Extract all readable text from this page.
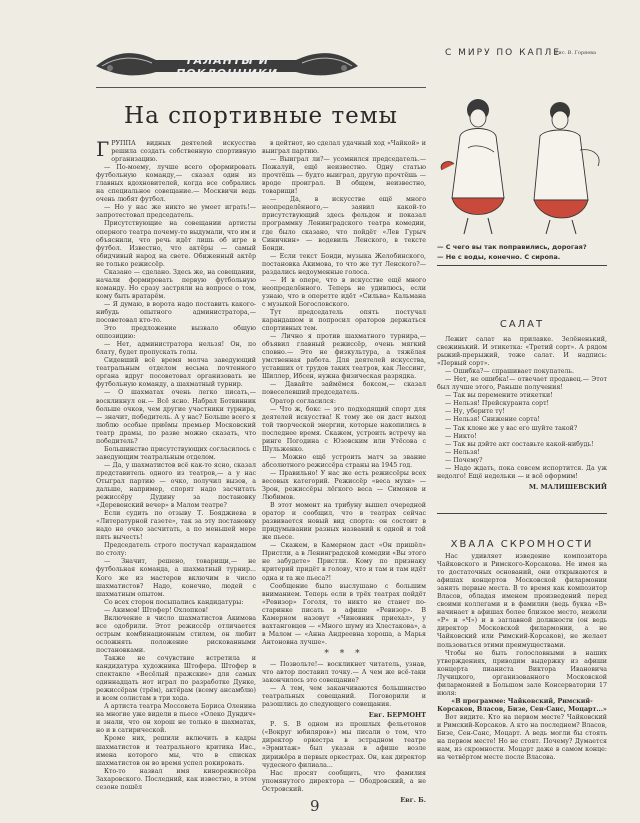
ТАЛАНТЫ И ПОКЛОННИКИ
На спортивные темы
Г РУППА видных деятелей искусства решила создать собственную спортивную организацию.

— По-моему, лучше всего сформировать футбольную команду,— сказал один из главных вдохновителей, когда все собрались на специальное совещание.— Москвичи ведь очень любят футбол.

— Но у нас же никто не умеет играть!— запротестовал председатель.

Присутствующие на совещании артисты оперного театра почему-то выдумали, что им и объяснили, что речь идёт лишь об игре в футбол. Известно, что актёры — самый обидчивый народ на свете. Обиженный актёр не только режиссёр.

Сказано — сделано. Здесь же, на совещании, начали формировать первую футбольную команду. Но сразу застряли на вопросе о том, кому быть вратарём.

— Я думаю, в ворота надо поставить какого-нибудь опытного администратора,— посоветовал кто-то.

Это предложение вызвало общую оппозицию:

— Нет, администратора нельзя! Он, по блату, будет пропускать голы.

Сидевший всё время молча заведующий театральным отделом весьма почтенного органа вдруг посоветовал организовать не футбольную команду, а шахматный турнир.

— О шахматах очень легко писать,— воскликнул он.— Всё ясно. Набрал Ботвинник больше очков, чем другие участники турнира,— значит, победитель. А у нас? Больше всего я люблю особые приёмы премьер Московский театр драмы, по разве можно сказать, что победитель?

Большинство присутствующих согласилось с заведующим театральным отделом.

— Да, у шахматистов всё как-то ясно, сказал представитель одного из театров,— а у нас Отыграл партию — очко, получил вызов, а дальше, например, спорят надо засчитать режиссёру Дудину за постановку «Деревенский вечер» в Малом театре?

Если судить по отзыву Т. Бояджиева в «Литературной газете», так за эту постановку надо не очко засчитать, а по меньшей мере пять вычесть!

Председатель строго постучал карандашом по столу:

— Значит, решено, товарищи,— не футбольная команда, а шахматный турнир... Кого же из мастеров включим в число шахматистов? Надо, конечно, людей с шахматным опытом.

Со всех сторон посыпались кандидатуры:

— Акимов! Штофер! Охлопков!

Включение в число шахматистов Акимова все одобрили. Этот режиссёр отличается острым комбинационным стилем, он любит осложнять положение рискованными постановками.

Также не сочувствие встретила и кандидатура художника Штофера. Штофер в спектакле «Весёлый пражские» для самых одиннадцать нот играл по разработке Дунке, режиссёрам (трём), актёрам (всему ансамблю) и всем солистам в три хода.

А артиста театра Моссовета Бориса Оленина на многие уже видели в пьесе «Олеко Дундич» и знали, что он хорош не только в шахматах, но и в сатирической.

Кроме них, решили включить в кадры шахматистов и театрального критика Ивс., имена которого мы, что в списках шахматистов он во время успел рокировать.

Кто-то назвал имя кинорежиссёра Захаровского. Последний, как известно, в этом сезоне пошёл

в цейтнот, но сделал удачный ход «Чайкой» и выиграл партию.

— Выиграл ли?— усомнился председатель.— Пожалуй, ещё неизвестно. Одну статью прочтёшь — будто выиграл, другую прочтёшь — вроде проиграл. В общем, неизвестно, товарищи!

— Да, в искусстве ещё много неопределённого,— заявил какой-то присутствующий здесь фельдон и показал программку Ленинградского театра комедии, где было сказано, что пойдёт «Лев Гурыч Синичкин» — водевиль Ленского, в тексте Бонди.

— Если текст Бонди, музыка Желобинского, постановка Акимова, то что же тут Ленского?— раздались недоуменные голоса.

— И в опере, что в искусстве ещё много неопределённого. Теперь не удивлюсь, если узнаю, что в оперетте идёт «Сильва» Кальмана с музыкой Богословского.

Тут председатель опять постучал карандашом и попросил ораторов держаться спортивных тем.

— Лично я против шахматного турнира,— объявил главный режиссёр, очень мягкий словно.— Это не физкультура, а тяжёлая умственная работа. Для деятелей искусства, уставших от трудов таких театров, как Лессинг, Шиллер, Ибсен, нужна физическая разрядка.

— Давайте займёмся боксом,— сказал повеселевший председатель.

Оратор согласился:

— Что ж, бокс — это подходящий спорт для деятелей искусства! К тому же он даст выход той творческой энергии, которые накопились в последнее время. Скажем, устроить встречу на ринге Погодина с Юзовским или Утёсова с Шульженко.

— Можно ещё устроить матч за звание абсолютного режиссёра страны на 1945 год.

— Правильно! У нас же есть режиссёры всех весовых категорий. Режиссёр «веса мухи» — Зрон, режиссёры лёгкого веса — Симонов и Любимов.

В этот момент на трибуну вышел очередной оратор и сообщил, что в театрах сейчас развивается новый вид спорта: он состоит в придумывании разных названий к одной и той же пьесе.

— Скажем, в Камерном даст «Он пришёл» Пристли, а в Ленинградской комедии «Вы этого не забудете» Пристли. Кому по признаку критерий придёт в голову, что и там и там идёт одна и та же пьеса?!

Сообщение было выслушано с большим вниманием. Теперь если в трёх театрах пойдёт «Ревизор» Гоголя, то никто не станет по-старинке писать в афише «Ревизор». В Камерном назовут «Чиновник приехал», у вахтанговцев — «Много шуму из Хлестакова», а в Малом — «Анна Андреевна хороша, а Марья Антоновна лучше».

* * *

— Позвольте!— воскликнет читатель, узнав, что автор поставил точку.— А чем же всё-таки закончилось это совещание?

— А тем, чем заканчиваются большинство театральных совещаний. Поговорили и разошлись до следующего совещания.

Евг. БЕРМОНТ

Р. S. В одном из прошлых фельетонов («Вокруг юбиляров») мы писали о том, что директор оркестра в эстрадном театре «Эрмитаж» был указан в афише возле дирижёра в первых оркестрах. Он, как директор чудесного филиала...

Нас просят сообщить, что фамилия упомянутого директора — Ободровский, а не Островский.

Евг. Б.
С МИРУ ПО КАПЛЕ
Рис. В. Горяева
— С чего вы так поправились, дорогая?
— Не с воды, конечно. С сиропа.
САЛАТ

Лежит салат на прилавке. Зелёненький, свежинький. И этикетка: «Третий сорт». А рядом рыжий-прерыжий, тоже салат. И надпись: «Первый сорт».

— Ошибка?— спрашивает покупатель.

— Нет, не ошибка!— отвечает продавец.— Этот был лучше этого, Раньше получения!

— Так вы перемените этикетки!

— Нельзя! Прейскуранта сорт!

— Ну, уберите ту!

— Нельзя! Снижение сорта!

— Так клоне же у вас его шуйте такой?

— Никто!

— Так вы дэйте акт составьте какой-нибудь!

— Нельзя!

— Почему?

— Надо ждать, пока совсем испортится. Да уж недолго! Ещё недельки — и всё оформим!

М. МАЛИШЕВСКИЙ
ХВАЛА СКРОМНОСТИ

Нас удивляет изведение композитора Чайковского и Римского-Корсакова. Не имея на то достаточных оснований, они открываются в афишах концертов Московской филармонии занять первые места. В то время как композитор Власов, обладая именем произведений перед своими коллегами и в фамилии (ведь буква «В» начинает в афишах более близкое место, нежели «Р» и «Ч») и в заглавной должности (он ведь директор Московской филармонии, а не Чайковский или Римский-Корсаков), не желает пользоваться этими преимуществами.

Чтобы не быть голословными в наших утверждениях, приводим выдержку из афиши концерта пианиста Виктора Ивановича Лучицкого, организованного Московской филармонией в Большом зале Консерватории 17 июля:

«В программе: Чайковский, Римский-Корсаков, Власов, Бизе, Сен-Санс, Моцарт...»

Вот видите. Кто на первом месте? Чайковский и Римский-Корсаков. А кто на последнем? Власов, Бизе, Сен-Санс, Моцарт. А ведь могли бы стоять на первом месте! Но не стоят. Почему? Думается нам, из скромности. Моцарт даже в самом конце: на четвёртом месте после Власова.

9
